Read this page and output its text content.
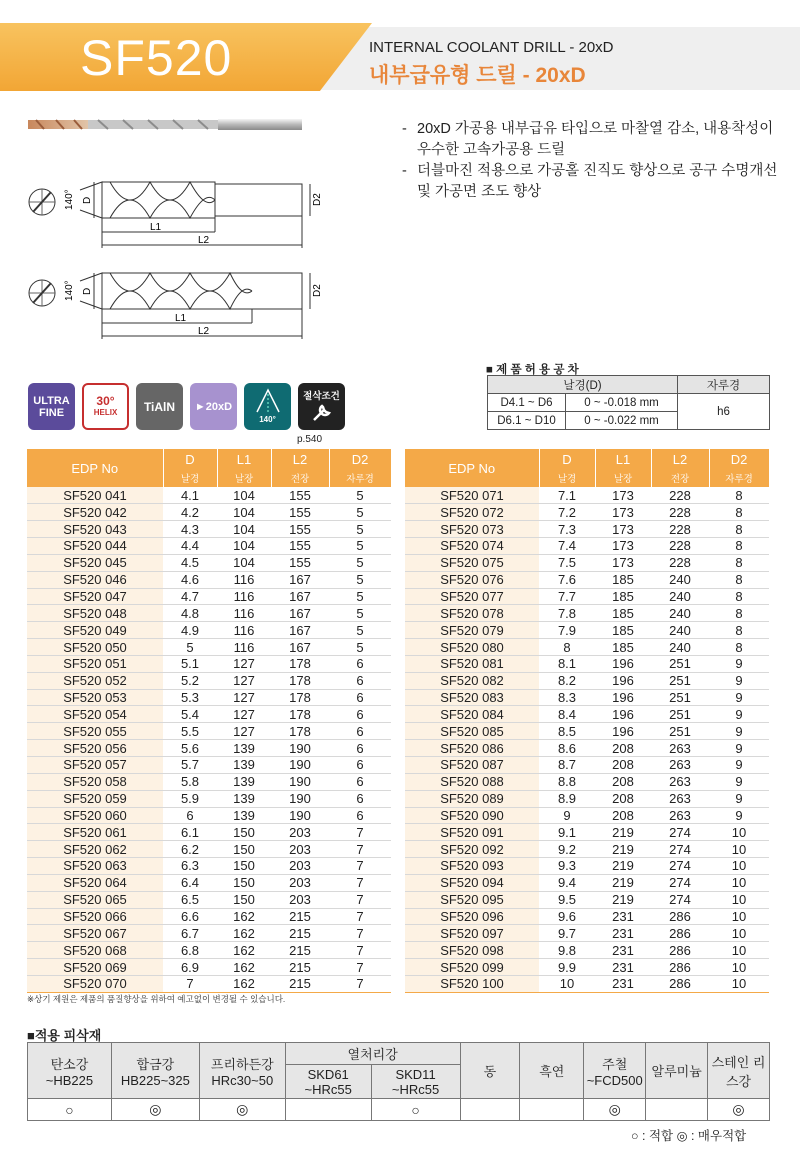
SF520	INTERNAL COOLANT DRILL - 20xD
내부급유형 드릴 - 20xD
140° D
L1
L2
D2
140° D
L1
L2
D2
- 20xD 가공용 내부급유 타입으로 마찰열 감소, 내용착성이
우수한 고속가공용 드릴
- 더블마진 적용으로 가공홀 진직도 향상으로 공구 수명개선
및 가공면 조도 향상
■ 제 품 허 용 공 차
날경(D)		자루경
D4.1 ~ D6	0 ~ -0.018 mm	h6
D6.1 ~ D10	0 ~ -0.022 mm	
ULTRA
FINE
30°
HELIX TiAlN ►20xD
140°
절삭조건
p.540
EDP No	D	L1	L2	D2

	날경	날장	전장	자루경

SF520 041	4.1	104	155	5
SF520 042	4.2	104	155	5
SF520 043	4.3	104	155	5
SF520 044	4.4	104	155	5
SF520 045	4.5	104	155	5
SF520 046	4.6	116	167	5
SF520 047	4.7	116	167	5
SF520 048	4.8	116	167	5
SF520 049	4.9	116	167	5
SF520 050	5	116	167	5
SF520 051	5.1	127	178	6
SF520 052	5.2	127	178	6
SF520 053	5.3	127	178	6
SF520 054	5.4	127	178	6
SF520 055	5.5	127	178	6
SF520 056	5.6	139	190	6
SF520 057	5.7	139	190	6
SF520 058	5.8	139	190	6
SF520 059	5.9	139	190	6
SF520 060	6	139	190	6
SF520 061	6.1	150	203	7
SF520 062	6.2	150	203	7
SF520 063	6.3	150	203	7
SF520 064	6.4	150	203	7
SF520 065	6.5	150	203	7
SF520 066	6.6	162	215	7
SF520 067	6.7	162	215	7
SF520 068	6.8	162	215	7
SF520 069	6.9	162	215	7
SF520 070	7	162	215	7
EDP No	D	L1	L2	D2

	날경	날장	전장	자루경

SF520 071	7.1	173	228	8
SF520 072	7.2	173	228	8
SF520 073	7.3	173	228	8
SF520 074	7.4	173	228	8
SF520 075	7.5	173	228	8
SF520 076	7.6	185	240	8
SF520 077	7.7	185	240	8
SF520 078	7.8	185	240	8
SF520 079	7.9	185	240	8
SF520 080	8	185	240	8
SF520 081	8.1	196	251	9
SF520 082	8.2	196	251	9
SF520 083	8.3	196	251	9
SF520 084	8.4	196	251	9
SF520 085	8.5	196	251	9
SF520 086	8.6	208	263	9
SF520 087	8.7	208	263	9
SF520 088	8.8	208	263	9
SF520 089	8.9	208	263	9
SF520 090	9	208	263	9
SF520 091	9.1	219	274	10
SF520 092	9.2	219	274	10
SF520 093	9.3	219	274	10
SF520 094	9.4	219	274	10
SF520 095	9.5	219	274	10
SF520 096	9.6	231	286	10
SF520 097	9.7	231	286	10
SF520 098	9.8	231	286	10
SF520 099	9.9	231	286	10
SF520 100	10	231	286	10
※상기 제원은 제품의 품질향상을 위하여 예고없이 변경될 수 있습니다.
■적용 피삭재
탄소강 ~HB225	합금강 HB225~325	프리하든강 HRc30~50	열처리강		동	흑연	주철 ~FCD500	알루미늄	스테인 리스강
			SKD61 ~HRc55	SKD11 ~HRc55					
○	◎	◎		○			◎		◎
○ : 적합 ◎ : 매우적합
